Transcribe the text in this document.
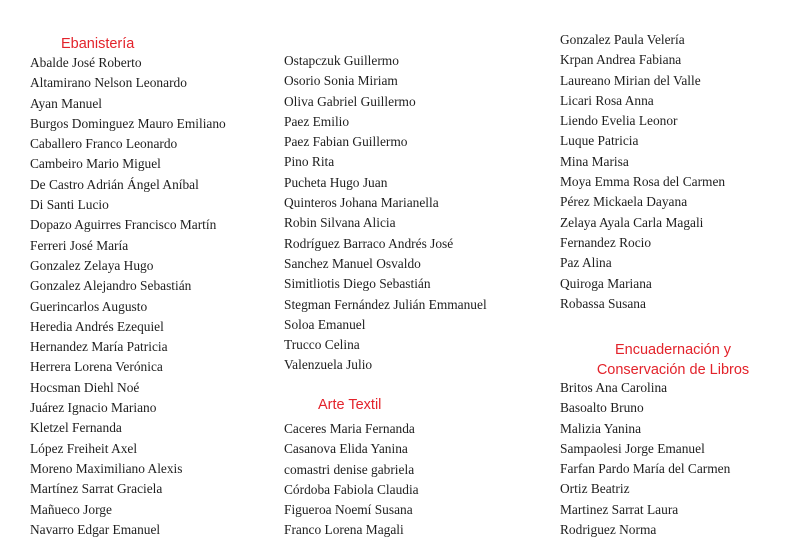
Ebanistería
Abalde José Roberto
Altamirano Nelson Leonardo
Ayan Manuel
Burgos Dominguez Mauro Emiliano
Caballero Franco Leonardo
Cambeiro Mario Miguel
De Castro Adrián Ángel Aníbal
Di Santi Lucio
Dopazo Aguirres Francisco Martín
Ferreri José María
Gonzalez Zelaya Hugo
Gonzalez Alejandro Sebastián
Guerincarlos Augusto
Heredia Andrés Ezequiel
Hernandez María Patricia
Herrera Lorena Verónica
Hocsman Diehl Noé
Juárez Ignacio Mariano
Kletzel Fernanda
López Freiheit Axel
Moreno Maximiliano Alexis
Martínez Sarrat Graciela
Mañueco Jorge
Navarro Edgar Emanuel
Ostapczuk Guillermo
Osorio Sonia Miriam
Oliva Gabriel Guillermo
Paez Emilio
Paez Fabian Guillermo
Pino Rita
Pucheta Hugo Juan
Quinteros Johana Marianella
Robin Silvana Alicia
Rodríguez Barraco Andrés José
Sanchez Manuel Osvaldo
Simitliotis Diego Sebastián
Stegman Fernández Julián Emmanuel
Soloa Emanuel
Trucco Celina
Valenzuela Julio
Arte Textil
Caceres Maria Fernanda
Casanova Elida Yanina
comastri denise gabriela
Córdoba Fabiola Claudia
Figueroa Noemí Susana
Franco Lorena Magali
Gonzalez Paula Velería
Krpan Andrea Fabiana
Laureano Mirian del Valle
Licari Rosa Anna
Liendo Evelia Leonor
Luque Patricia
Mina Marisa
Moya Emma Rosa del Carmen
Pérez Mickaela Dayana
Zelaya Ayala Carla Magali
Fernandez Rocio
Paz Alina
Quiroga Mariana
Robassa Susana
Encuadernación y
Conservación de Libros
Britos Ana Carolina
Basoalto Bruno
Malizia Yanina
Sampaolesi Jorge Emanuel
Farfan Pardo María del Carmen
Ortiz Beatriz
Martinez Sarrat Laura
Rodriguez Norma
